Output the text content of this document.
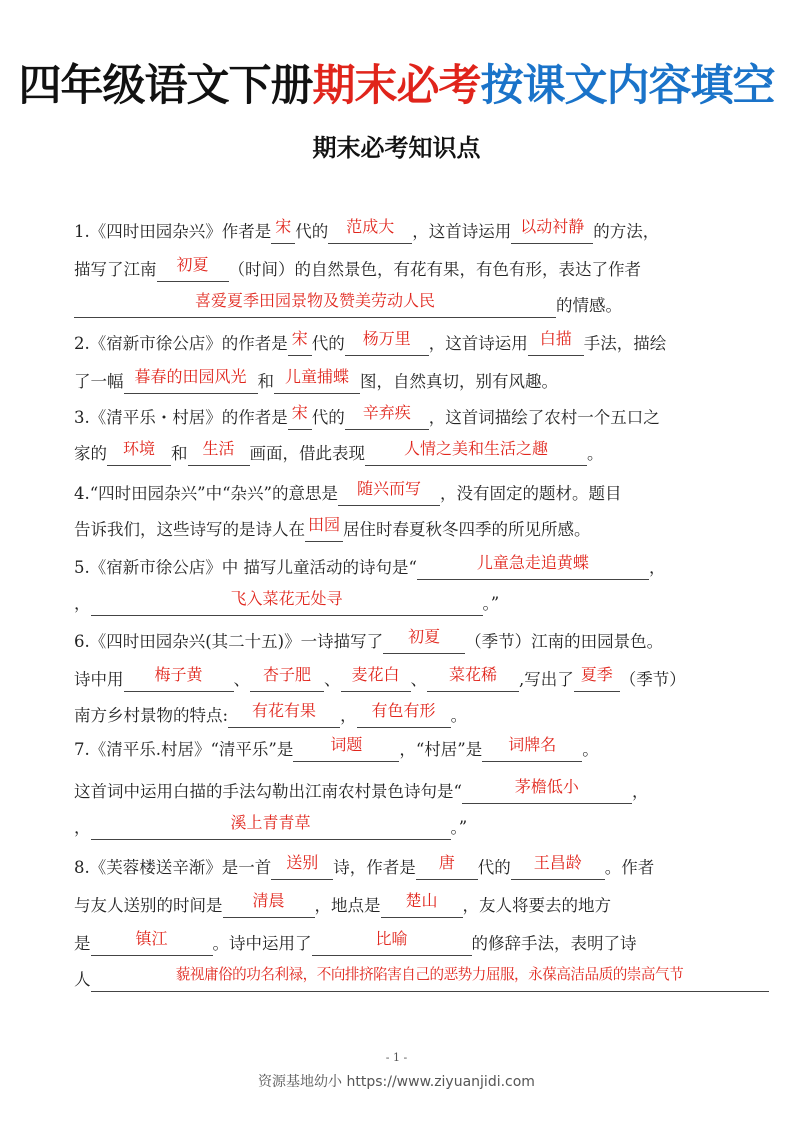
四年级语文下册期末必考按课文内容填空
期末必考知识点
1.《四时田园杂兴》作者是 宋 代的	范成大	，这首诗运用 以动衬静 的方法，
描写了江南	初夏	（时间）的自然景色，有花有果，有色有形，表达了作者
喜爱夏季田园景物及赞美劳动人民	的情感。
2.《宿新市徐公店》的作者是 宋 代的	杨万里	，这首诗运用 白描 手法，描绘
了一幅 暮春的田园风光 和 儿童捕蝶 图，自然真切，别有风趣。
3.《清平乐・村居》的作者是 宋 代的	辛弃疾	，这首词描绘了农村一个五口之
家的 环境 和 生活 画面，借此表现	人情之美和生活之趣	。
4.“四时田园杂兴”中“杂兴”的意思是	随兴而写	，没有固定的题材。题目
告诉我们，这些诗写的是诗人在 田园 居住时春夏秋冬四季的所见所感。
5.《宿新市徐公店》中 描写儿童活动的诗句是“	儿童急走追黄蝶	，
，	飞入菜花无处寻	。”
6.《四时田园杂兴(其二十五)》一诗描写了	初夏	（季节）江南的田园景色。
诗中用	梅子黄	、 杏子肥 、 麦花白 、	菜花稀	,写出了 夏季 （季节）
南方乡村景物的特点:	有花有果	， 有色有形 。
7.《清平乐.村居》“清平乐”是	词题	，“村居”是	词牌名	。
这首词中运用白描的手法勾勒出江南农村景色诗句是“	茅檐低小	，
，	溪上青青草	。”
8.《芙蓉楼送辛渐》是一首 送别 诗，作者是	唐	代的	王昌龄	。作者
与友人送别的时间是	清晨	，地点是	楚山	，友人将要去的地方
是	镇江	。诗中运用了	比喻	的修辞手法，表明了诗
人	藐视庸俗的功名利禄，不向排挤陷害自己的恶势力屈服，永葆高洁品质的崇高气节
- 1 -
资源基地幼小 https://www.ziyuanjidi.com
